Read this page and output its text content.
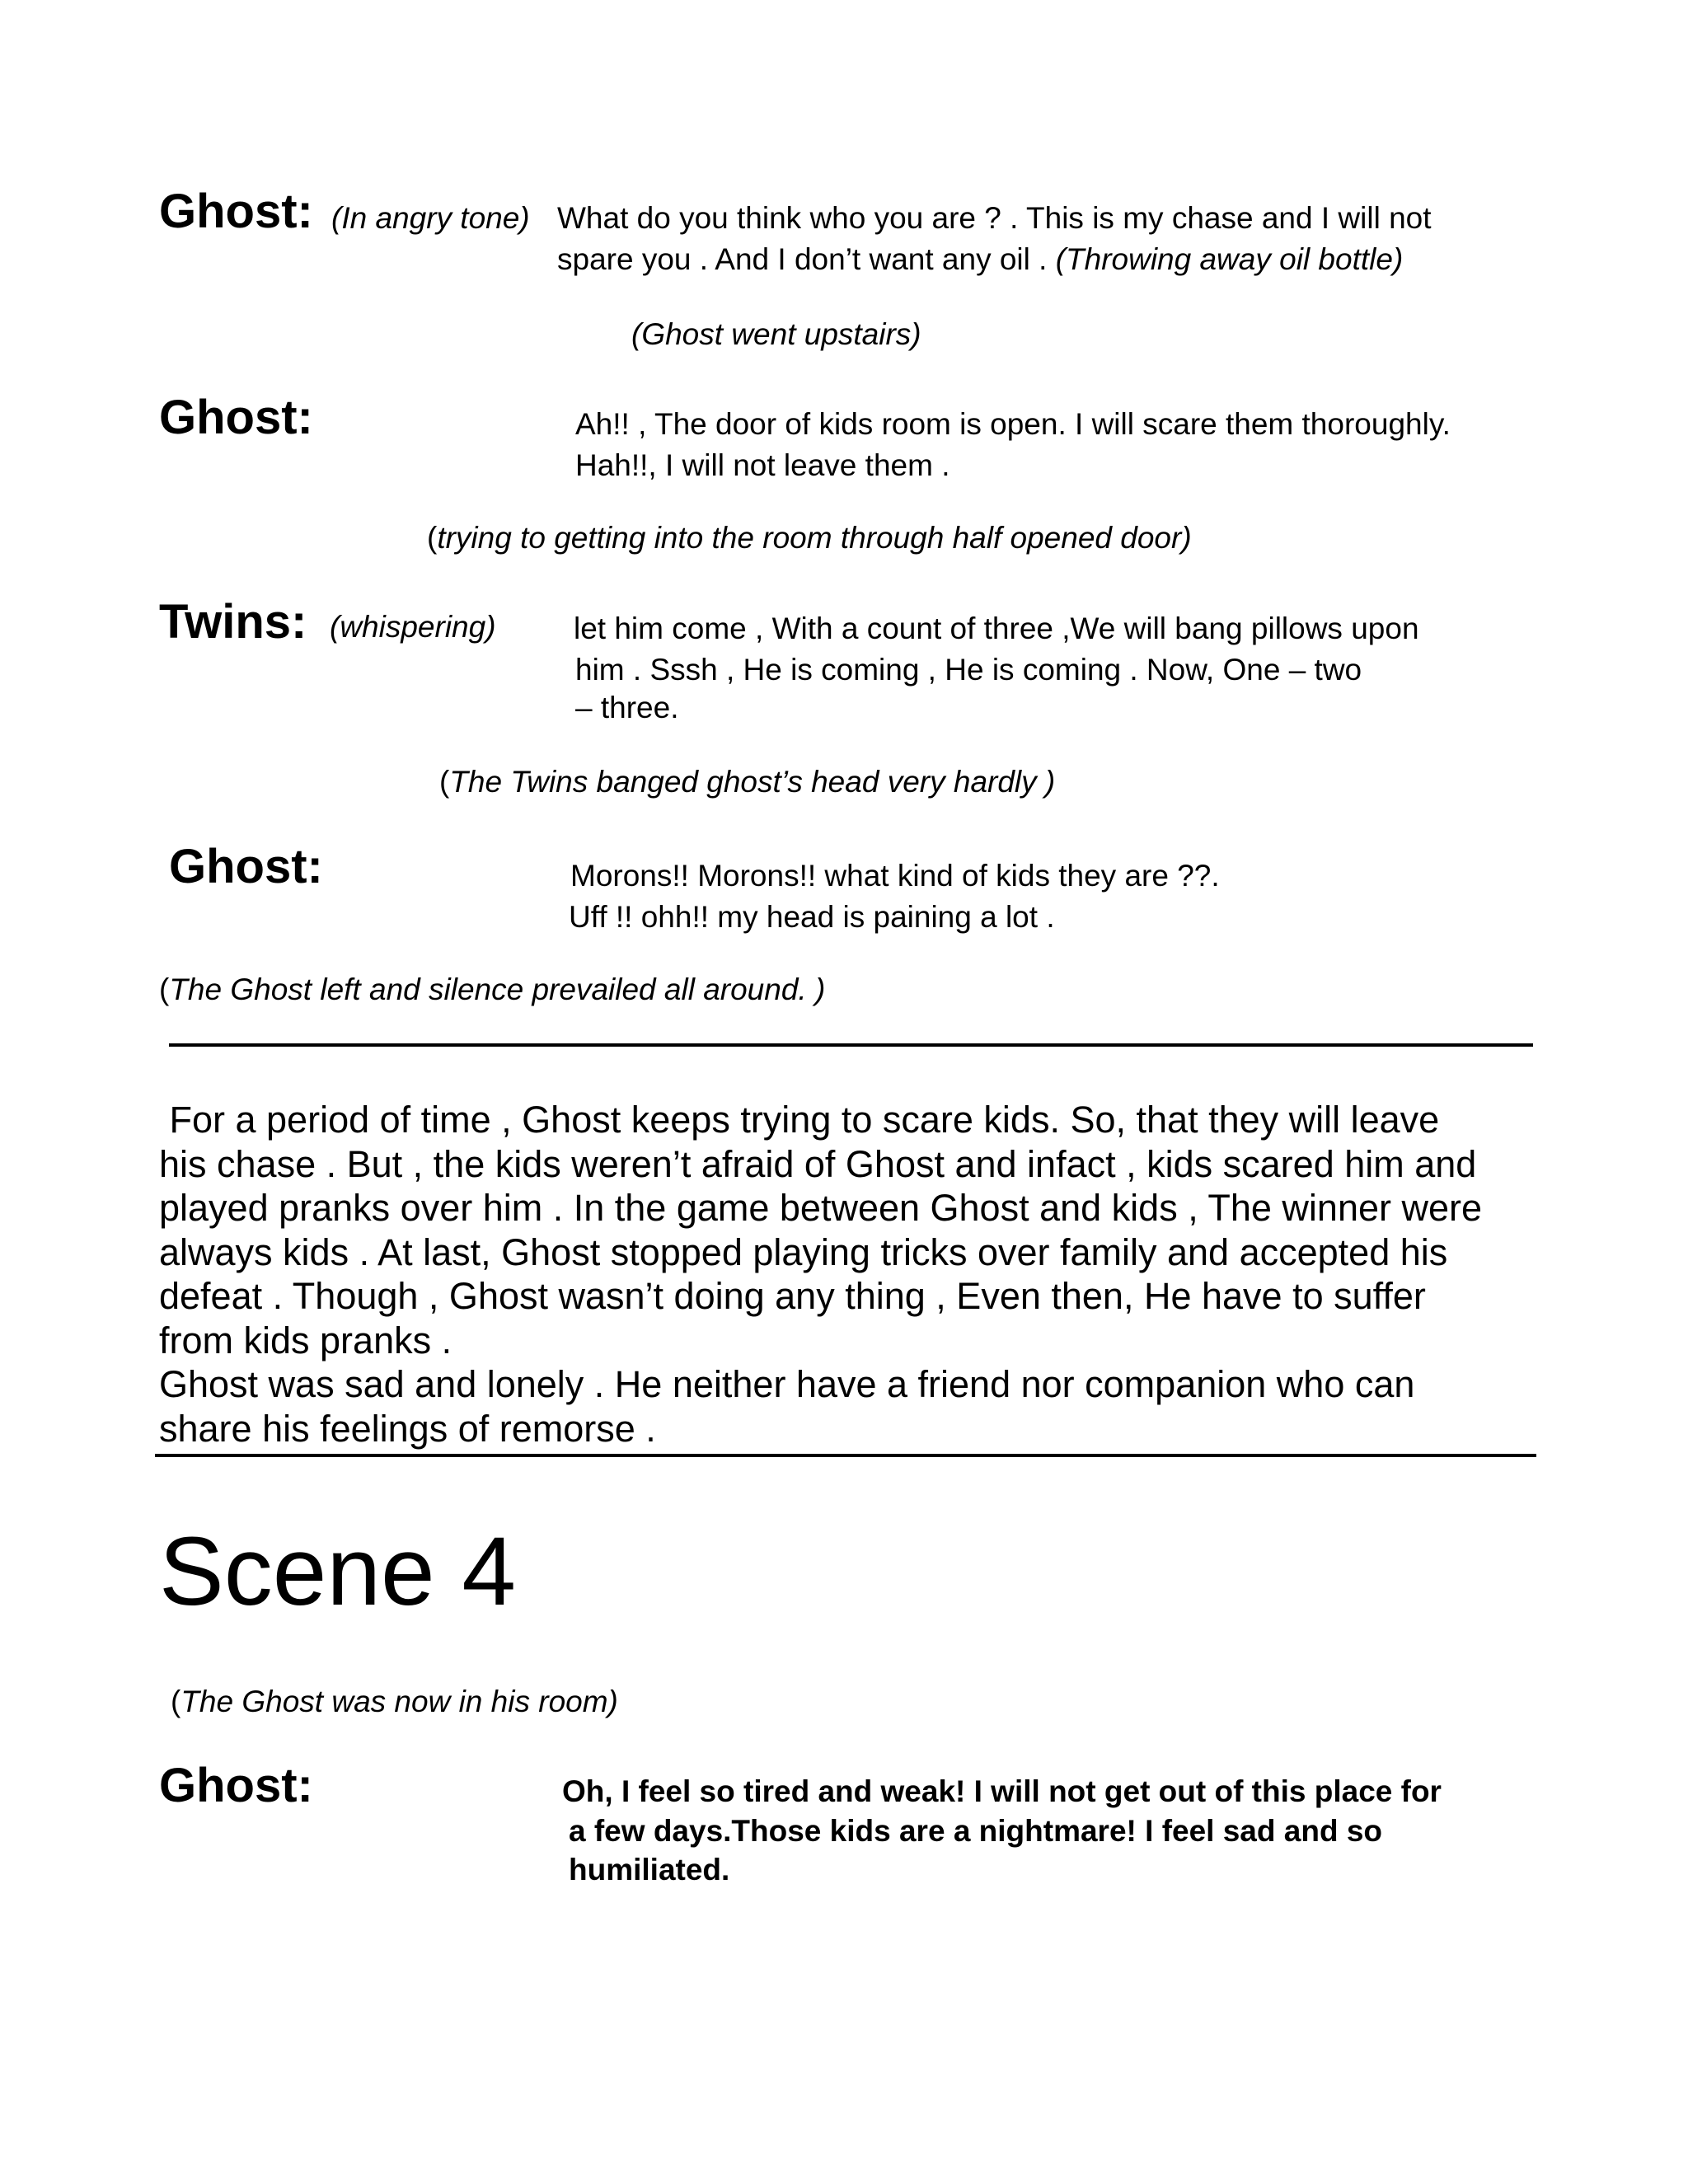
Ghost: (In angry tone) What do you think who you are ? . This is my chase and I will not
spare you . And I don’t want any oil . (Throwing away oil bottle)
(Ghost went upstairs)
Ghost:	Ah!! , The door of kids room is open. I will scare them thoroughly.
Hah!!, I will not leave them .
(trying to getting into the room through half opened door)
Twins: (whispering)	let him come , With a count of three ,We will bang pillows upon
him . Sssh , He is coming , He is coming . Now, One – two
– three.
(The Twins banged ghost’s head very hardly )
Ghost:	Morons!! Morons!! what kind of kids they are ??.
Uff !! ohh!! my head is paining a lot .
(The Ghost left and silence prevailed all around. )
For a period of time , Ghost keeps trying to scare kids. So, that they will leave
his chase . But , the kids weren’t afraid of Ghost and infact , kids scared him and
played pranks over him . In the game between Ghost and kids , The winner were
always kids . At last, Ghost stopped playing tricks over family and accepted his
defeat . Though , Ghost wasn’t doing any thing , Even then, He have to suffer
from kids pranks .
Ghost was sad and lonely . He neither have a friend nor companion who can
share his feelings of remorse .
Scene 4
(The Ghost was now in his room)
Ghost:	Oh, I feel so tired and weak! I will not get out of this place for
a few days.Those kids are a nightmare! I feel sad and so
humiliated.
